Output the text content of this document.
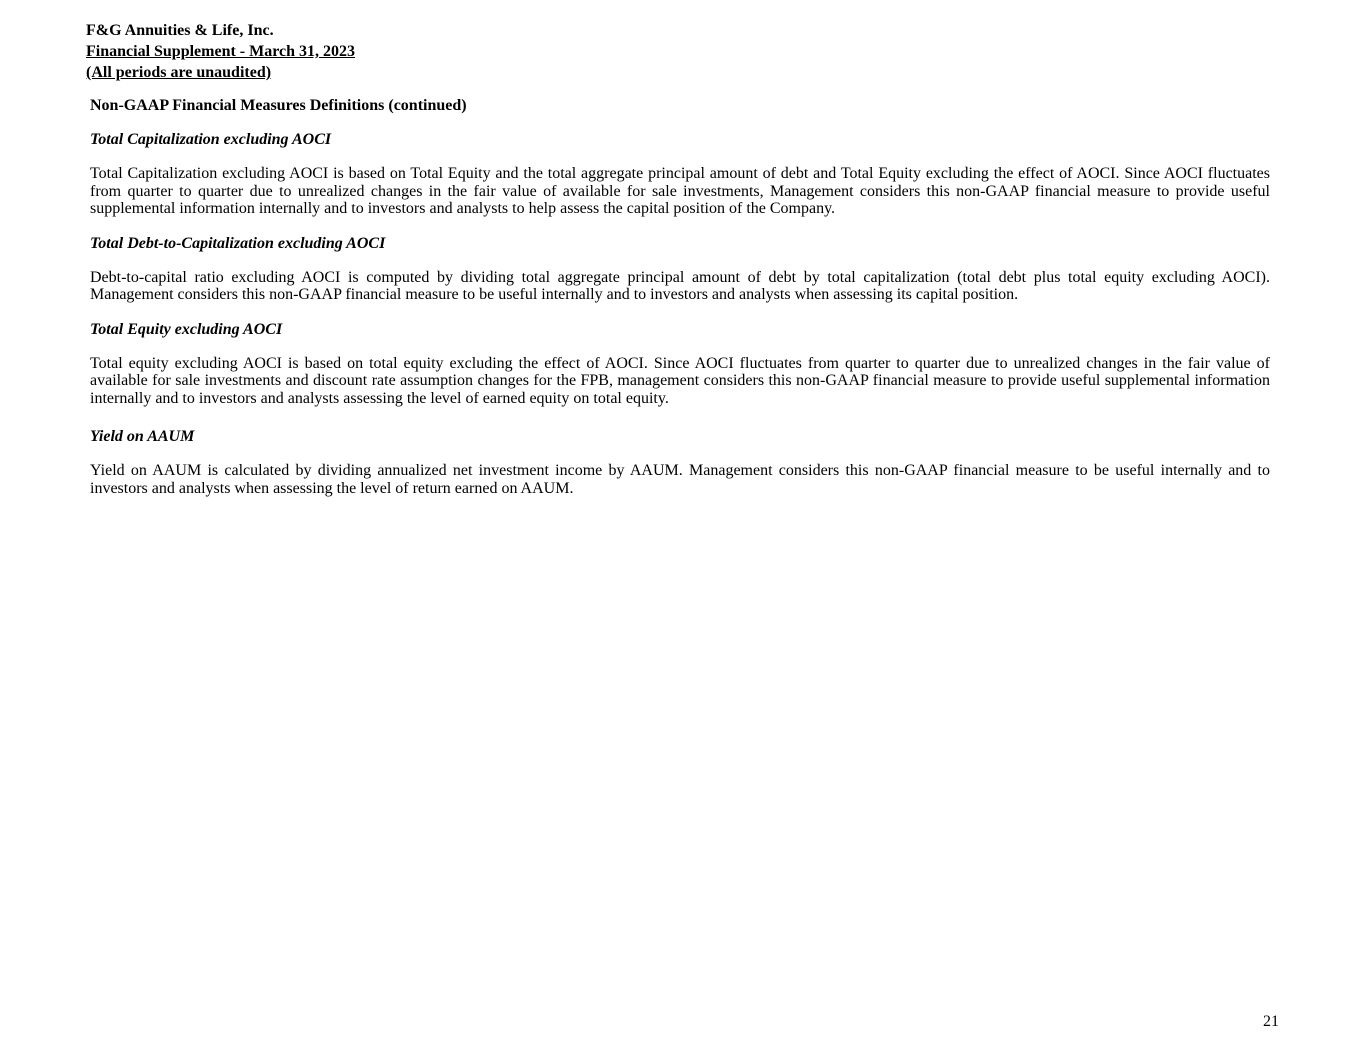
F&G Annuities & Life, Inc.
Financial Supplement - March 31, 2023
(All periods are unaudited)
Non-GAAP Financial Measures Definitions (continued)
Total Capitalization excluding AOCI
Total Capitalization excluding AOCI is based on Total Equity and the total aggregate principal amount of debt and Total Equity excluding the effect of AOCI. Since AOCI fluctuates from quarter to quarter due to unrealized changes in the fair value of available for sale investments, Management considers this non-GAAP financial measure to provide useful supplemental information internally and to investors and analysts to help assess the capital position of the Company.
Total Debt-to-Capitalization excluding AOCI
Debt-to-capital ratio excluding AOCI is computed by dividing total aggregate principal amount of debt by total capitalization (total debt plus total equity excluding AOCI). Management considers this non-GAAP financial measure to be useful internally and to investors and analysts when assessing its capital position.
Total Equity excluding AOCI
Total equity excluding AOCI is based on total equity excluding the effect of AOCI. Since AOCI fluctuates from quarter to quarter due to unrealized changes in the fair value of available for sale investments and discount rate assumption changes for the FPB, management considers this non-GAAP financial measure to provide useful supplemental information internally and to investors and analysts assessing the level of earned equity on total equity.
Yield on AAUM
Yield on AAUM is calculated by dividing annualized net investment income by AAUM. Management considers this non-GAAP financial measure to be useful internally and to investors and analysts when assessing the level of return earned on AAUM.
21
